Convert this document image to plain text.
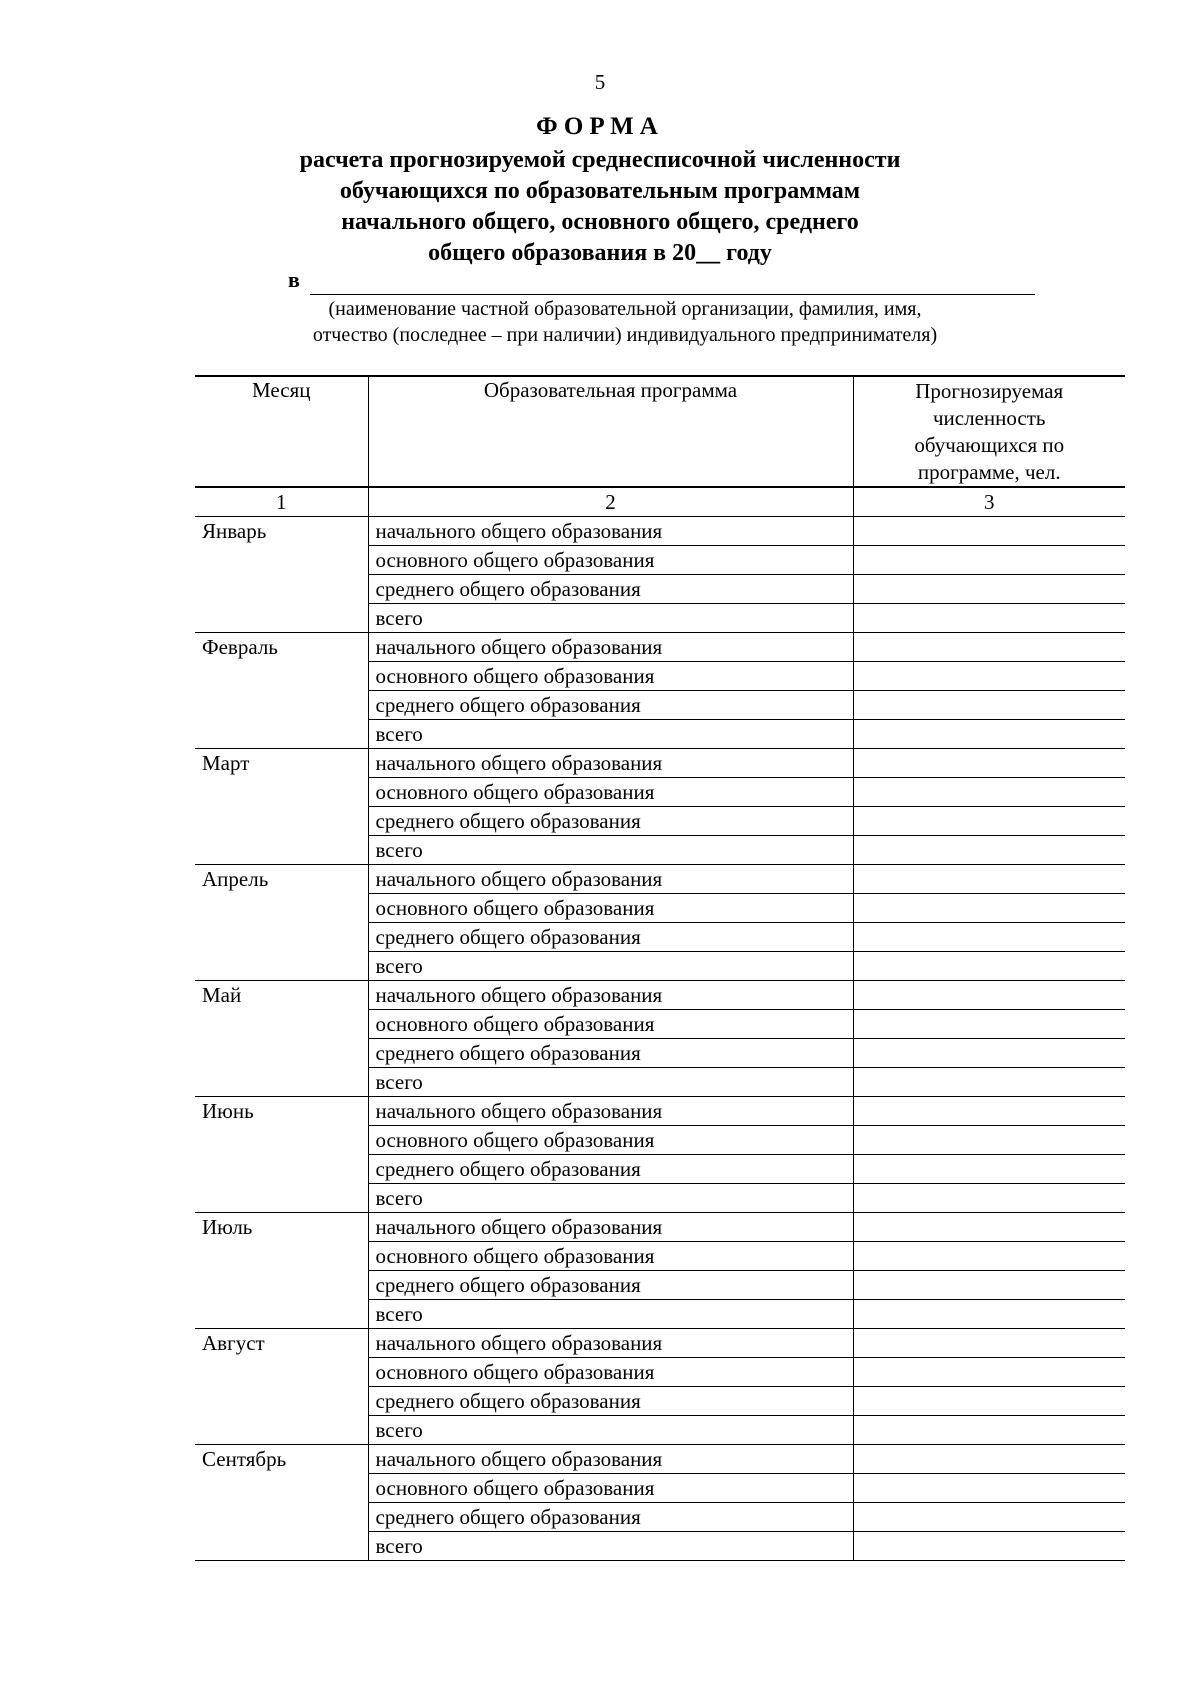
5
ФОРМА
расчета прогнозируемой среднесписочной численности
обучающихся по образовательным программам
начального общего, основного общего, среднего
общего образования в 20__ году
в
(наименование частной образовательной организации, фамилия, имя,
отчество (последнее – при наличии) индивидуального предпринимателя)
Месяц	Образовательная программа	Прогнозируемая численность обучающихся по программе, чел.

1	2	3
Январь	начального общего образования	
	основного общего образования	
	среднего общего образования	
	всего	
Февраль	начального общего образования	
	основного общего образования	
	среднего общего образования	
	всего	
Март	начального общего образования	
	основного общего образования	
	среднего общего образования	
	всего	
Апрель	начального общего образования	
	основного общего образования	
	среднего общего образования	
	всего	
Май	начального общего образования	
	основного общего образования	
	среднего общего образования	
	всего	
Июнь	начального общего образования	
	основного общего образования	
	среднего общего образования	
	всего	
Июль	начального общего образования	
	основного общего образования	
	среднего общего образования	
	всего	
Август	начального общего образования	
	основного общего образования	
	среднего общего образования	
	всего	
Сентябрь	начального общего образования	
	основного общего образования	
	среднего общего образования	
	всего	
